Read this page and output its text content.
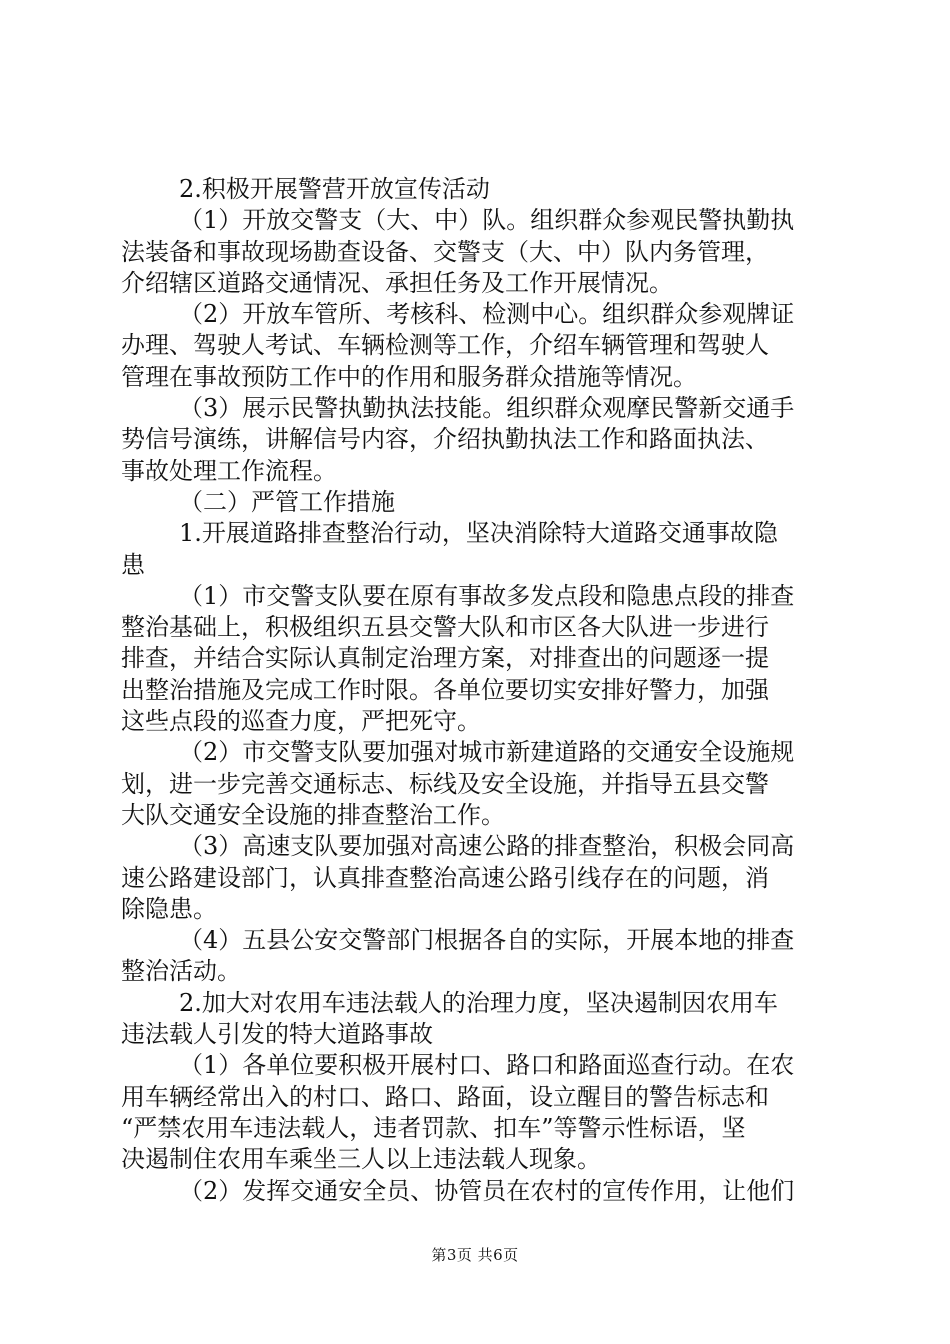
2.积极开展警营开放宣传活动
（1）开放交警支（大、中）队。组织群众参观民警执勤执
法装备和事故现场勘查设备、交警支（大、中）队内务管理，
介绍辖区道路交通情况、承担任务及工作开展情况。
（2）开放车管所、考核科、检测中心。组织群众参观牌证
办理、驾驶人考试、车辆检测等工作，介绍车辆管理和驾驶人
管理在事故预防工作中的作用和服务群众措施等情况。
（3）展示民警执勤执法技能。组织群众观摩民警新交通手
势信号演练，讲解信号内容，介绍执勤执法工作和路面执法、
事故处理工作流程。
（二）严管工作措施
1.开展道路排查整治行动，坚决消除特大道路交通事故隐
患
（1）市交警支队要在原有事故多发点段和隐患点段的排查
整治基础上，积极组织五县交警大队和市区各大队进一步进行
排查，并结合实际认真制定治理方案，对排查出的问题逐一提
出整治措施及完成工作时限。各单位要切实安排好警力，加强
这些点段的巡查力度，严把死守。
（2）市交警支队要加强对城市新建道路的交通安全设施规
划，进一步完善交通标志、标线及安全设施，并指导五县交警
大队交通安全设施的排查整治工作。
（3）高速支队要加强对高速公路的排查整治，积极会同高
速公路建设部门，认真排查整治高速公路引线存在的问题，消
除隐患。
（4）五县公安交警部门根据各自的实际，开展本地的排查
整治活动。
2.加大对农用车违法载人的治理力度，坚决遏制因农用车
违法载人引发的特大道路事故
（1）各单位要积极开展村口、路口和路面巡查行动。在农
用车辆经常出入的村口、路口、路面，设立醒目的警告标志和
“严禁农用车违法载人，违者罚款、扣车”等警示性标语，坚
决遏制住农用车乘坐三人以上违法载人现象。
（2）发挥交通安全员、协管员在农村的宣传作用，让他们
第3页 共6页
